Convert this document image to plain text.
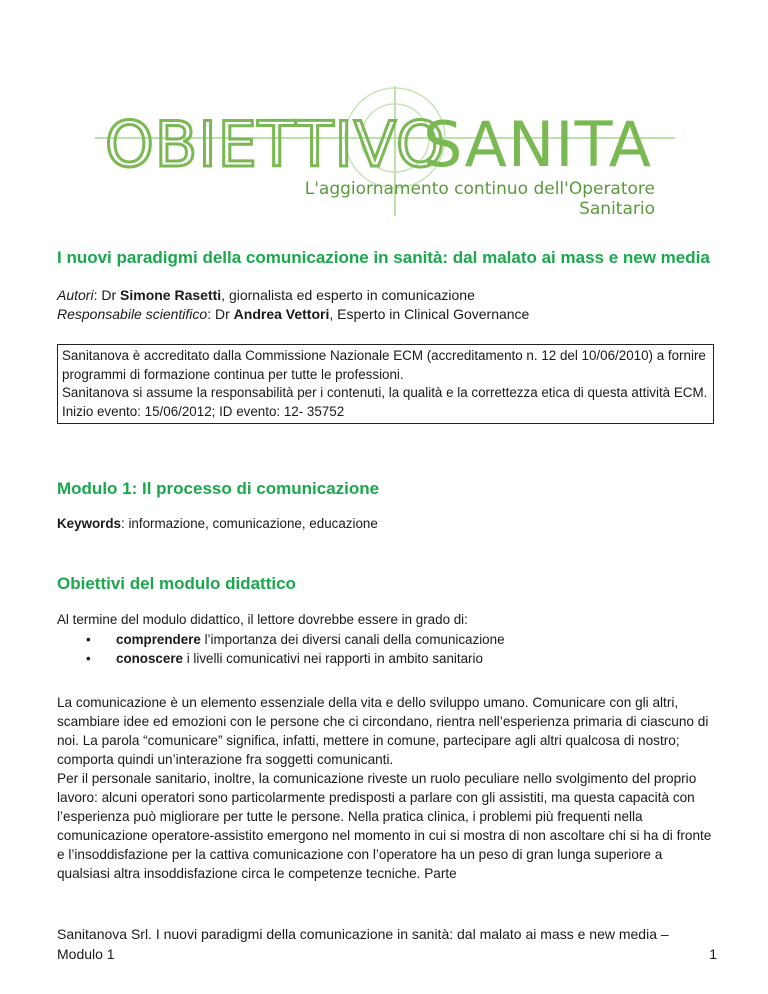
OBIETTIVO
SANITA
L'aggiornamento continuo dell'Operatore Sanitario
I nuovi paradigmi della comunicazione in sanità: dal malato ai mass e new media
Autori: Dr Simone Rasetti, giornalista ed esperto in comunicazione
Responsabile scientifico: Dr Andrea Vettori, Esperto in Clinical Governance

Sanitanova è accreditato dalla Commissione Nazionale ECM (accreditamento n. 12 del 10/06/2010) a fornire programmi di formazione continua per tutte le professioni.

Sanitanova si assume la responsabilità per i contenuti, la qualità e la correttezza etica di questa attività ECM.

Inizio evento: 15/06/2012; ID evento: 12- 35752

Modulo 1: Il processo di comunicazione
Keywords: informazione, comunicazione, educazione
Obiettivi del modulo didattico
Al termine del modulo didattico, il lettore dovrebbe essere in grado di:
• comprendere l’importanza dei diversi canali della comunicazione
• conoscere i livelli comunicativi nei rapporti in ambito sanitario

La comunicazione è un elemento essenziale della vita e dello sviluppo umano. Comunicare con gli altri, scambiare idee ed emozioni con le persone che ci circondano, rientra nell’esperienza primaria di ciascuno di noi. La parola “comunicare” significa, infatti, mettere in comune, partecipare agli altri qualcosa di nostro; comporta quindi un’interazione fra soggetti comunicanti.

Per il personale sanitario, inoltre, la comunicazione riveste un ruolo peculiare nello svolgimento del proprio lavoro: alcuni operatori sono particolarmente predisposti a parlare con gli assistiti, ma questa capacità con l’esperienza può migliorare per tutte le persone. Nella pratica clinica, i problemi più frequenti nella comunicazione operatore-assistito emergono nel momento in cui si mostra di non ascoltare chi si ha di fronte e l’insoddisfazione per la cattiva comunicazione con l’operatore ha un peso di gran lunga superiore a qualsiasi altra insoddisfazione circa le competenze tecniche. Parte

Sanitanova Srl. I nuovi paradigmi della comunicazione in sanità: dal malato ai mass e new media –
Modulo 1	1
